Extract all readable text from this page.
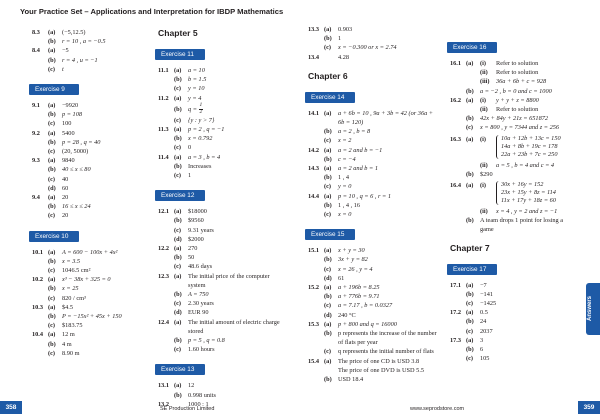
Your Practice Set – Applications and Interpretation for IBDP Mathematics
8.3	(a)	(−5,12.5)
(b) r = 10 , a = −0.5
8.4	(a)	−5
(b) r = 4 , u = −1
(c)	t
Exercise 9
9.1	(a)	−9920
(b) p = 108
(c)	100
9.2	(a)	5400
(b) p = 28 , q = 40
(c)	(20, 5000)
9.3	(a)	9840
(b) 40 ≤ x ≤ 80
(c)	40
(d) 60
9.4	(a)	20
(b) 16 ≤ x ≤ 24
(c)	20
Exercise 10
10.1 (a)	A = 600 − 100x + 4x²
(b) x = 3.5
(c)	1046.5 cm²
10.2 (a)	x³ − 38x + 325 = 0
(b) x = 25
(c)	820 / cm³
10.3 (a)	$4.5
(b) P = −15x² + 45x + 150
(c)	$183.75
10.4 (a)	12 m
(b) 4 m
(c)	8.90 m
Chapter 5
Exercise 11
11.1 (a)	a = 10
(b) b = 1.5
(c)	y = 10
11.2 (a)	y = 4
(b) $q = \frac{1}{2}$
(c)	{y : y > 7}
11.3 (a)	p = 2 , q = −1
(b) x = 0.792
(c)	0
11.4 (a)	a = 3 , b = 4
(b) Increases
(c)	1
Exercise 12
12.1 (a)	$18000
(b) $9560
(c)	9.31 years
(d) $2000
12.2 (a)	270
(b) 50
(c)	48.6 days
12.3 (a)	The initial price of the computer system
(b) A = 750
(c)	2.30 years
(d) EUR 90
12.4 (a)	The initial amount of electric charge stored
(b) p = 5 , q = 0.8
(c)	1.60 hours
Exercise 13
13.1 (a)	12
(b) 0.998 units
13.2	1000 : 1
13.3 (a)	0.903
(b) 1
(c)	x = −0.300 or x = 2.74
13.4	4.28
Chapter 6
Exercise 14
14.1 (a)	a + 6b = 10 , 9a + 3b = 42 (or 36a + 6b = 120)
(b) a = 2 , b = 8
(c)	x = 2
14.2 (a)	a = 2 and b = −1
(b) c = −4
14.3 (a)	a = 2 and b = 1
(b) 1 , 4
(c)	y = 0
14.4 (a)	p = 10 , q = 6 , r = 1
(b) 1 , 4 , 16
(c)	x = 0
Exercise 15
15.1 (a)	x + y = 30
(b) 3x + y = 82
(c)	x = 26 , y = 4
(d) 61
15.2 (a)	a + 196b = 8.25
(b) a + 776b = 9.71
(c)	a = 7.17 , b = 0.0327
(d) 240 °C
15.3 (a)	p + 800 and q = 16000
(b) p represents the increase of the number of flats per year
(c)	q represents the initial number of flats
15.4 (a)	The price of one CD is USD 3.8
The price of one DVD is USD 5.5
(b) USD 18.4
Exercise 16
16.1 (a)	(i)	Refer to solution
(ii)	Refer to solution
(iii)	36a + 6b + c = 928
(b) a = −2 , b = 0 and c = 1000
16.2 (a)	(i)	y + y + z = 8800
(ii)	Refer to solution
(b) 42x + 84y + 21z = 651872
(c)	x = 800 , y = 7344 and z = 256
16.3 (a)	(i)	10a + 12b + 13c = 150
14a + 8b + 19c = 178
22a + 23b + 7c = 250
(ii)	a = 5 , b = 4 and c = 4
(b) $290
16.4 (a)	(i)	30x + 16y = 152
23x + 15y + 8z = 114
11x + 17y + 18z = 60
(ii)	x = 4 , y = 2 and z = −1
(b) A team drops 1 point for losing a game
Chapter 7
Exercise 17
17.1 (a)	−7
(b) −141
(c)	−1425
17.2 (a)	0.5
(b) 24
(c)	2037
17.3 (a)	3
(b) 6
(c)	105
Answers
358	SE Production Limited	www.seprodstore.com	359
